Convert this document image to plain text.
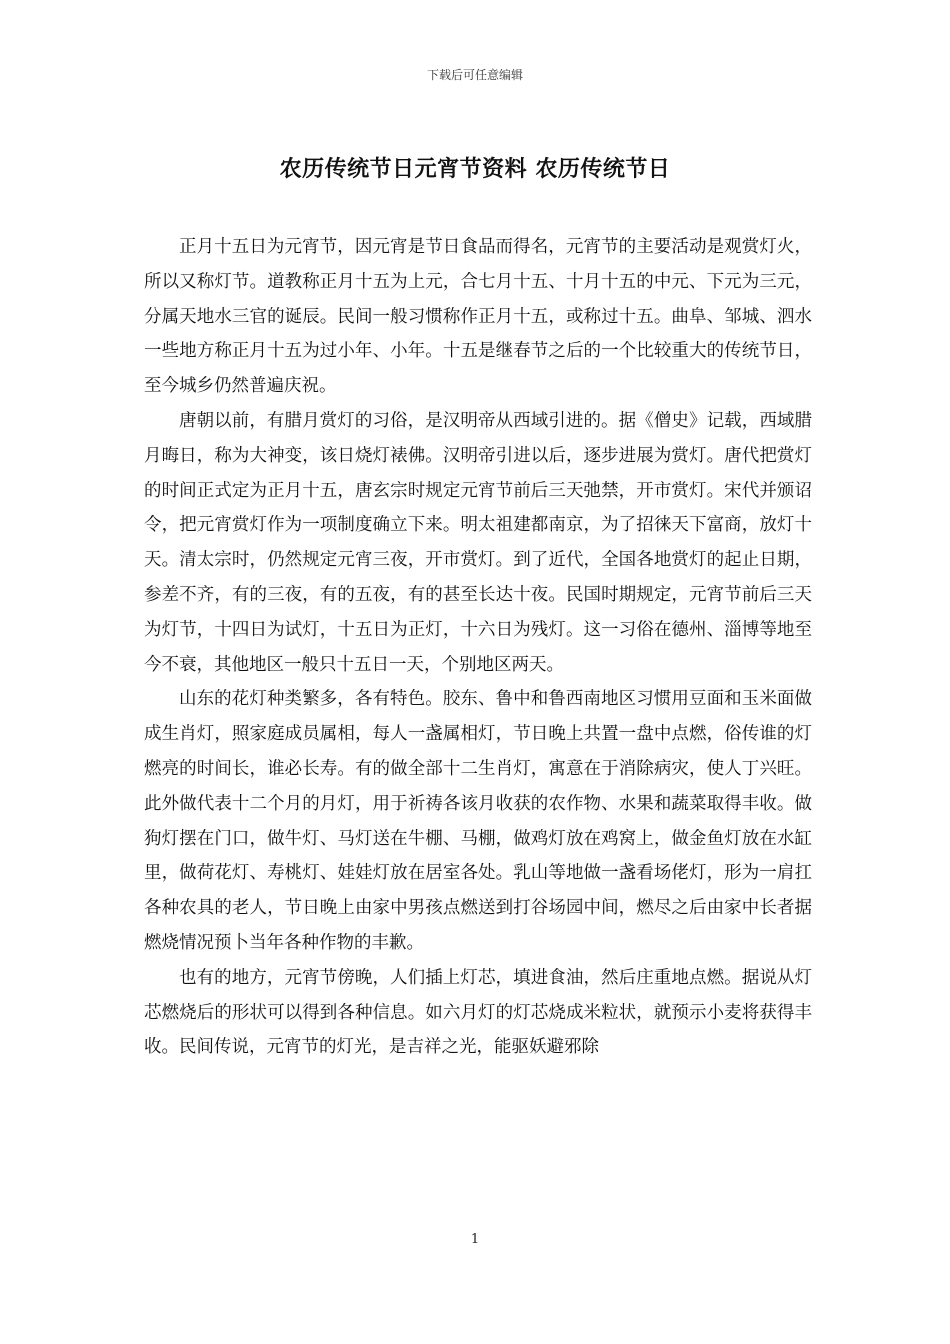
下载后可任意编辑
农历传统节日元宵节资料 农历传统节日

正月十五日为元宵节，因元宵是节日食品而得名，元宵节的主要活动是观赏灯火，所以又称灯节。道教称正月十五为上元，合七月十五、十月十五的中元、下元为三元，分属天地水三官的诞辰。民间一般习惯称作正月十五，或称过十五。曲阜、邹城、泗水一些地方称正月十五为过小年、小年。十五是继春节之后的一个比较重大的传统节日，至今城乡仍然普遍庆祝。

唐朝以前，有腊月赏灯的习俗，是汉明帝从西域引进的。据《僧史》记载，西域腊月晦日，称为大神变，该日烧灯裱佛。汉明帝引进以后，逐步进展为赏灯。唐代把赏灯的时间正式定为正月十五，唐玄宗时规定元宵节前后三天弛禁，开市赏灯。宋代并颁诏令，把元宵赏灯作为一项制度确立下来。明太祖建都南京，为了招徕天下富商，放灯十天。清太宗时，仍然规定元宵三夜，开市赏灯。到了近代，全国各地赏灯的起止日期，参差不齐，有的三夜，有的五夜，有的甚至长达十夜。民国时期规定，元宵节前后三天为灯节，十四日为试灯，十五日为正灯，十六日为残灯。这一习俗在德州、淄博等地至今不衰，其他地区一般只十五日一天，个别地区两天。

山东的花灯种类繁多，各有特色。胶东、鲁中和鲁西南地区习惯用豆面和玉米面做成生肖灯，照家庭成员属相，每人一盏属相灯，节日晚上共置一盘中点燃，俗传谁的灯燃亮的时间长，谁必长寿。有的做全部十二生肖灯，寓意在于消除病灾，使人丁兴旺。此外做代表十二个月的月灯，用于祈祷各该月收获的农作物、水果和蔬菜取得丰收。做狗灯摆在门口，做牛灯、马灯送在牛棚、马棚，做鸡灯放在鸡窝上，做金鱼灯放在水缸里，做荷花灯、寿桃灯、娃娃灯放在居室各处。乳山等地做一盏看场佬灯，形为一肩扛各种农具的老人，节日晚上由家中男孩点燃送到打谷场园中间，燃尽之后由家中长者据燃烧情况预卜当年各种作物的丰歉。

也有的地方，元宵节傍晚，人们插上灯芯，填进食油，然后庄重地点燃。据说从灯芯燃烧后的形状可以得到各种信息。如六月灯的灯芯烧成米粒状，就预示小麦将获得丰收。民间传说，元宵节的灯光，是吉祥之光，能驱妖避邪除

1
